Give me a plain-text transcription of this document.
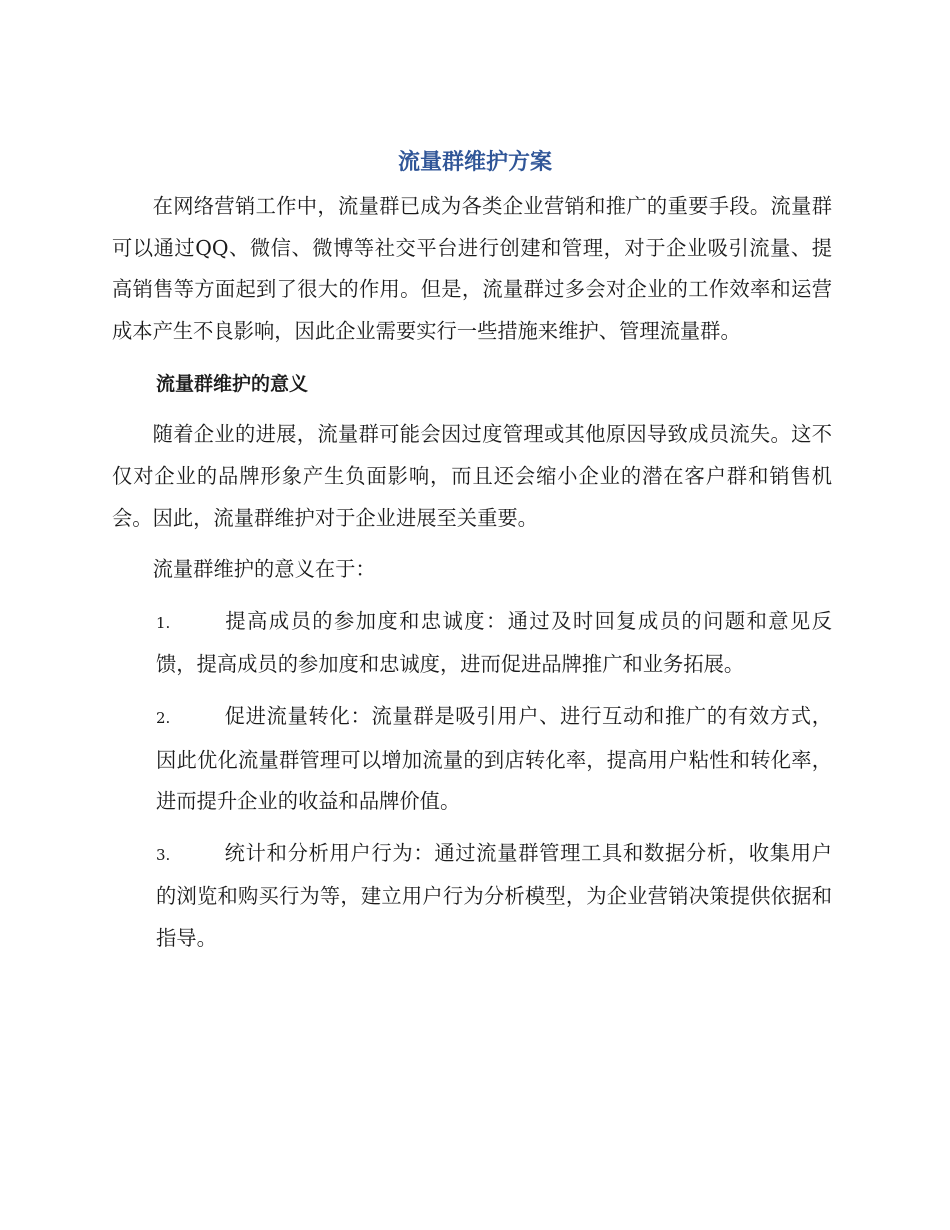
流量群维护方案

在网络营销工作中，流量群已成为各类企业营销和推广的重要手段。流量群可以通过QQ、微信、微博等社交平台进行创建和管理，对于企业吸引流量、提高销售等方面起到了很大的作用。但是，流量群过多会对企业的工作效率和运营成本产生不良影响，因此企业需要实行一些措施来维护、管理流量群。

流量群维护的意义

随着企业的进展，流量群可能会因过度管理或其他原因导致成员流失。这不仅对企业的品牌形象产生负面影响，而且还会缩小企业的潜在客户群和销售机会。因此，流量群维护对于企业进展至关重要。

流量群维护的意义在于：

1.	提高成员的参加度和忠诚度：通过及时回复成员的问题和意见反馈，提高成员的参加度和忠诚度，进而促进品牌推广和业务拓展。

2.	促进流量转化：流量群是吸引用户、进行互动和推广的有效方式，因此优化流量群管理可以增加流量的到店转化率，提高用户粘性和转化率，进而提升企业的收益和品牌价值。

3.	统计和分析用户行为：通过流量群管理工具和数据分析，收集用户的浏览和购买行为等，建立用户行为分析模型，为企业营销决策提供依据和指导。
